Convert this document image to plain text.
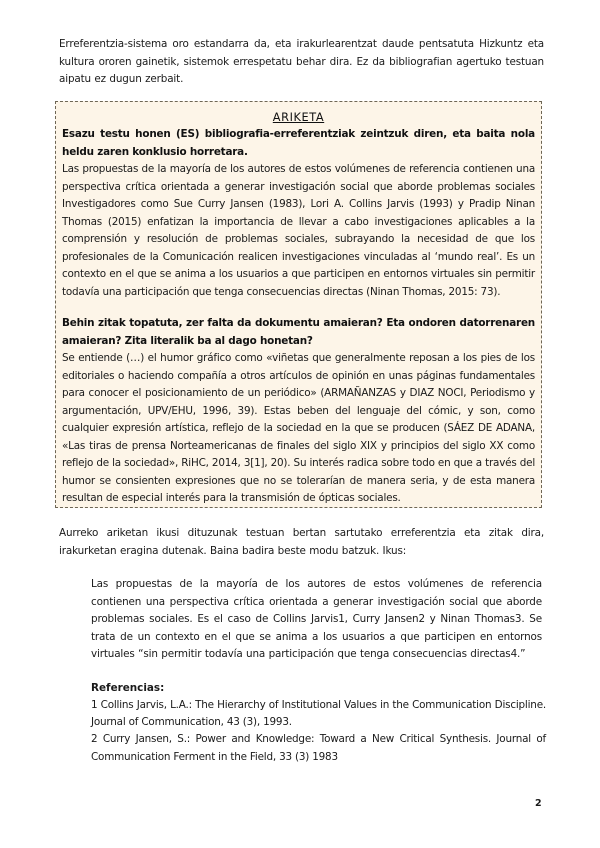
Erreferentzia-sistema oro estandarra da, eta irakurlearentzat daude pentsatuta Hizkuntz eta kultura ororen gainetik, sistemok errespetatu behar dira. Ez da bibliografian agertuko testuan aipatu ez dugun zerbait.

ARIKETA

Esazu testu honen (ES) bibliografia-erreferentziak zeintzuk diren, eta baita nola heldu zaren konklusio horretara.

Las propuestas de la mayoría de los autores de estos volúmenes de referencia contienen una perspectiva crítica orientada a generar investigación social que aborde problemas sociales Investigadores como Sue Curry Jansen (1983), Lori A. Collins Jarvis (1993) y Pradip Ninan Thomas (2015) enfatizan la importancia de llevar a cabo investigaciones aplicables a la comprensión y resolución de problemas sociales, subrayando la necesidad de que los profesionales de la Comunicación realicen investigaciones vinculadas al ‘mundo real’. Es un contexto en el que se anima a los usuarios a que participen en entornos virtuales sin permitir todavía una participación que tenga consecuencias directas (Ninan Thomas, 2015: 73).

Behin zitak topatuta, zer falta da dokumentu amaieran? Eta ondoren datorrenaren amaieran? Zita literalik ba al dago honetan?

Se entiende (…) el humor gráfico como «viñetas que generalmente reposan a los pies de los editoriales o haciendo compañía a otros artículos de opinión en unas páginas fundamentales para conocer el posicionamiento de un periódico» (ARMAÑANZAS y DIAZ NOCI, Periodismo y argumentación, UPV/EHU, 1996, 39). Estas beben del lenguaje del cómic, y son, como cualquier expresión artística, reflejo de la sociedad en la que se producen (SÁEZ DE ADANA, «Las tiras de prensa Norteamericanas de finales del siglo XIX y principios del siglo XX como reflejo de la sociedad», RiHC, 2014, 3[1], 20). Su interés radica sobre todo en que a través del humor se consienten expresiones que no se tolerarían de manera seria, y de esta manera resultan de especial interés para la transmisión de ópticas sociales.

Aurreko ariketan ikusi dituzunak testuan bertan sartutako erreferentzia eta zitak dira, irakurketan eragina dutenak. Baina badira beste modu batzuk. Ikus:
Las propuestas de la mayoría de los autores de estos volúmenes de referencia contienen una perspectiva crítica orientada a generar investigación social que aborde problemas sociales. Es el caso de Collins Jarvis1, Curry Jansen2 y Ninan Thomas3. Se trata de un contexto en el que se anima a los usuarios a que participen en entornos virtuales “sin permitir todavía una participación que tenga consecuencias directas4.”

Referencias:

1 Collins Jarvis, L.A.: The Hierarchy of Institutional Values in the Communication Discipline. Journal of Communication, 43 (3), 1993.

2 Curry Jansen, S.: Power and Knowledge: Toward a New Critical Synthesis. Journal of Communication Ferment in the Field, 33 (3) 1983

2
